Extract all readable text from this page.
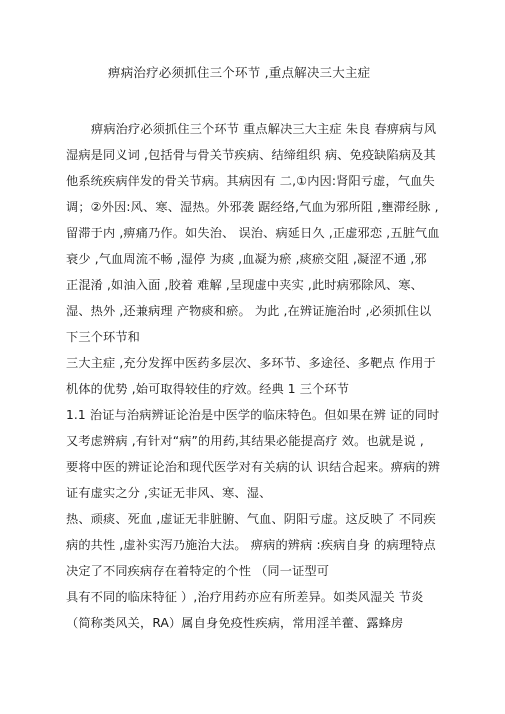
痹病治疗必须抓住三个环节 ,重点解决三大主症
痹病治疗必须抓住三个环节 重点解决三大主症 朱良 春痹病与风
湿病是同义词 ,包括骨与骨关节疾病、结缔组织 病、免疫缺陷病及其
他系统疾病伴发的骨关节病。其病因有 二,①内因:肾阳亏虚，气血失
调；②外因:风、寒、湿热。外邪袭 踞经络,气血为邪所阻 ,壅滞经脉 ,
留滞于内 ,痹痛乃作。如失治、 误治、病延日久 ,正虚邪恋 ,五脏气血
衰少 ,气血周流不畅 ,湿停 为痰 ,血凝为瘀 ,痰瘀交阻 ,凝涩不通 ,邪
正混淆 ,如油入面 ,胶着 难解 ,呈现虚中夹实 ,此时病邪除风、寒、
湿、热外 ,还兼病理 产物痰和瘀。 为此 ,在辨证施治时 ,必须抓住以
下三个环节和
三大主症 ,充分发挥中医药多层次、多环节、多途径、多靶点 作用于
机体的优势 ,始可取得较佳的疗效。经典 1 三个环节
1.1 治证与治病辨证论治是中医学的临床特色。但如果在辨 证的同时
又考虑辨病 ,有针对“病”的用药,其结果必能提高疗 效。也就是说 ,
要将中医的辨证论治和现代医学对有关病的认 识结合起来。痹病的辨
证有虚实之分 ,实证无非风、寒、湿、
热、顽痰、死血 ,虚证无非脏腑、气血、阴阳亏虚。这反映了 不同疾
病的共性 ,虚补实泻乃施治大法。 痹病的辨病 :疾病自身 的病理特点
决定了不同疾病存在着特定的个性 （同一证型可
具有不同的临床特征 ）,治疗用药亦应有所差异。如类风湿关 节炎
（简称类风关，RA）属自身免疫性疾病，常用淫羊藿、露蜂房
